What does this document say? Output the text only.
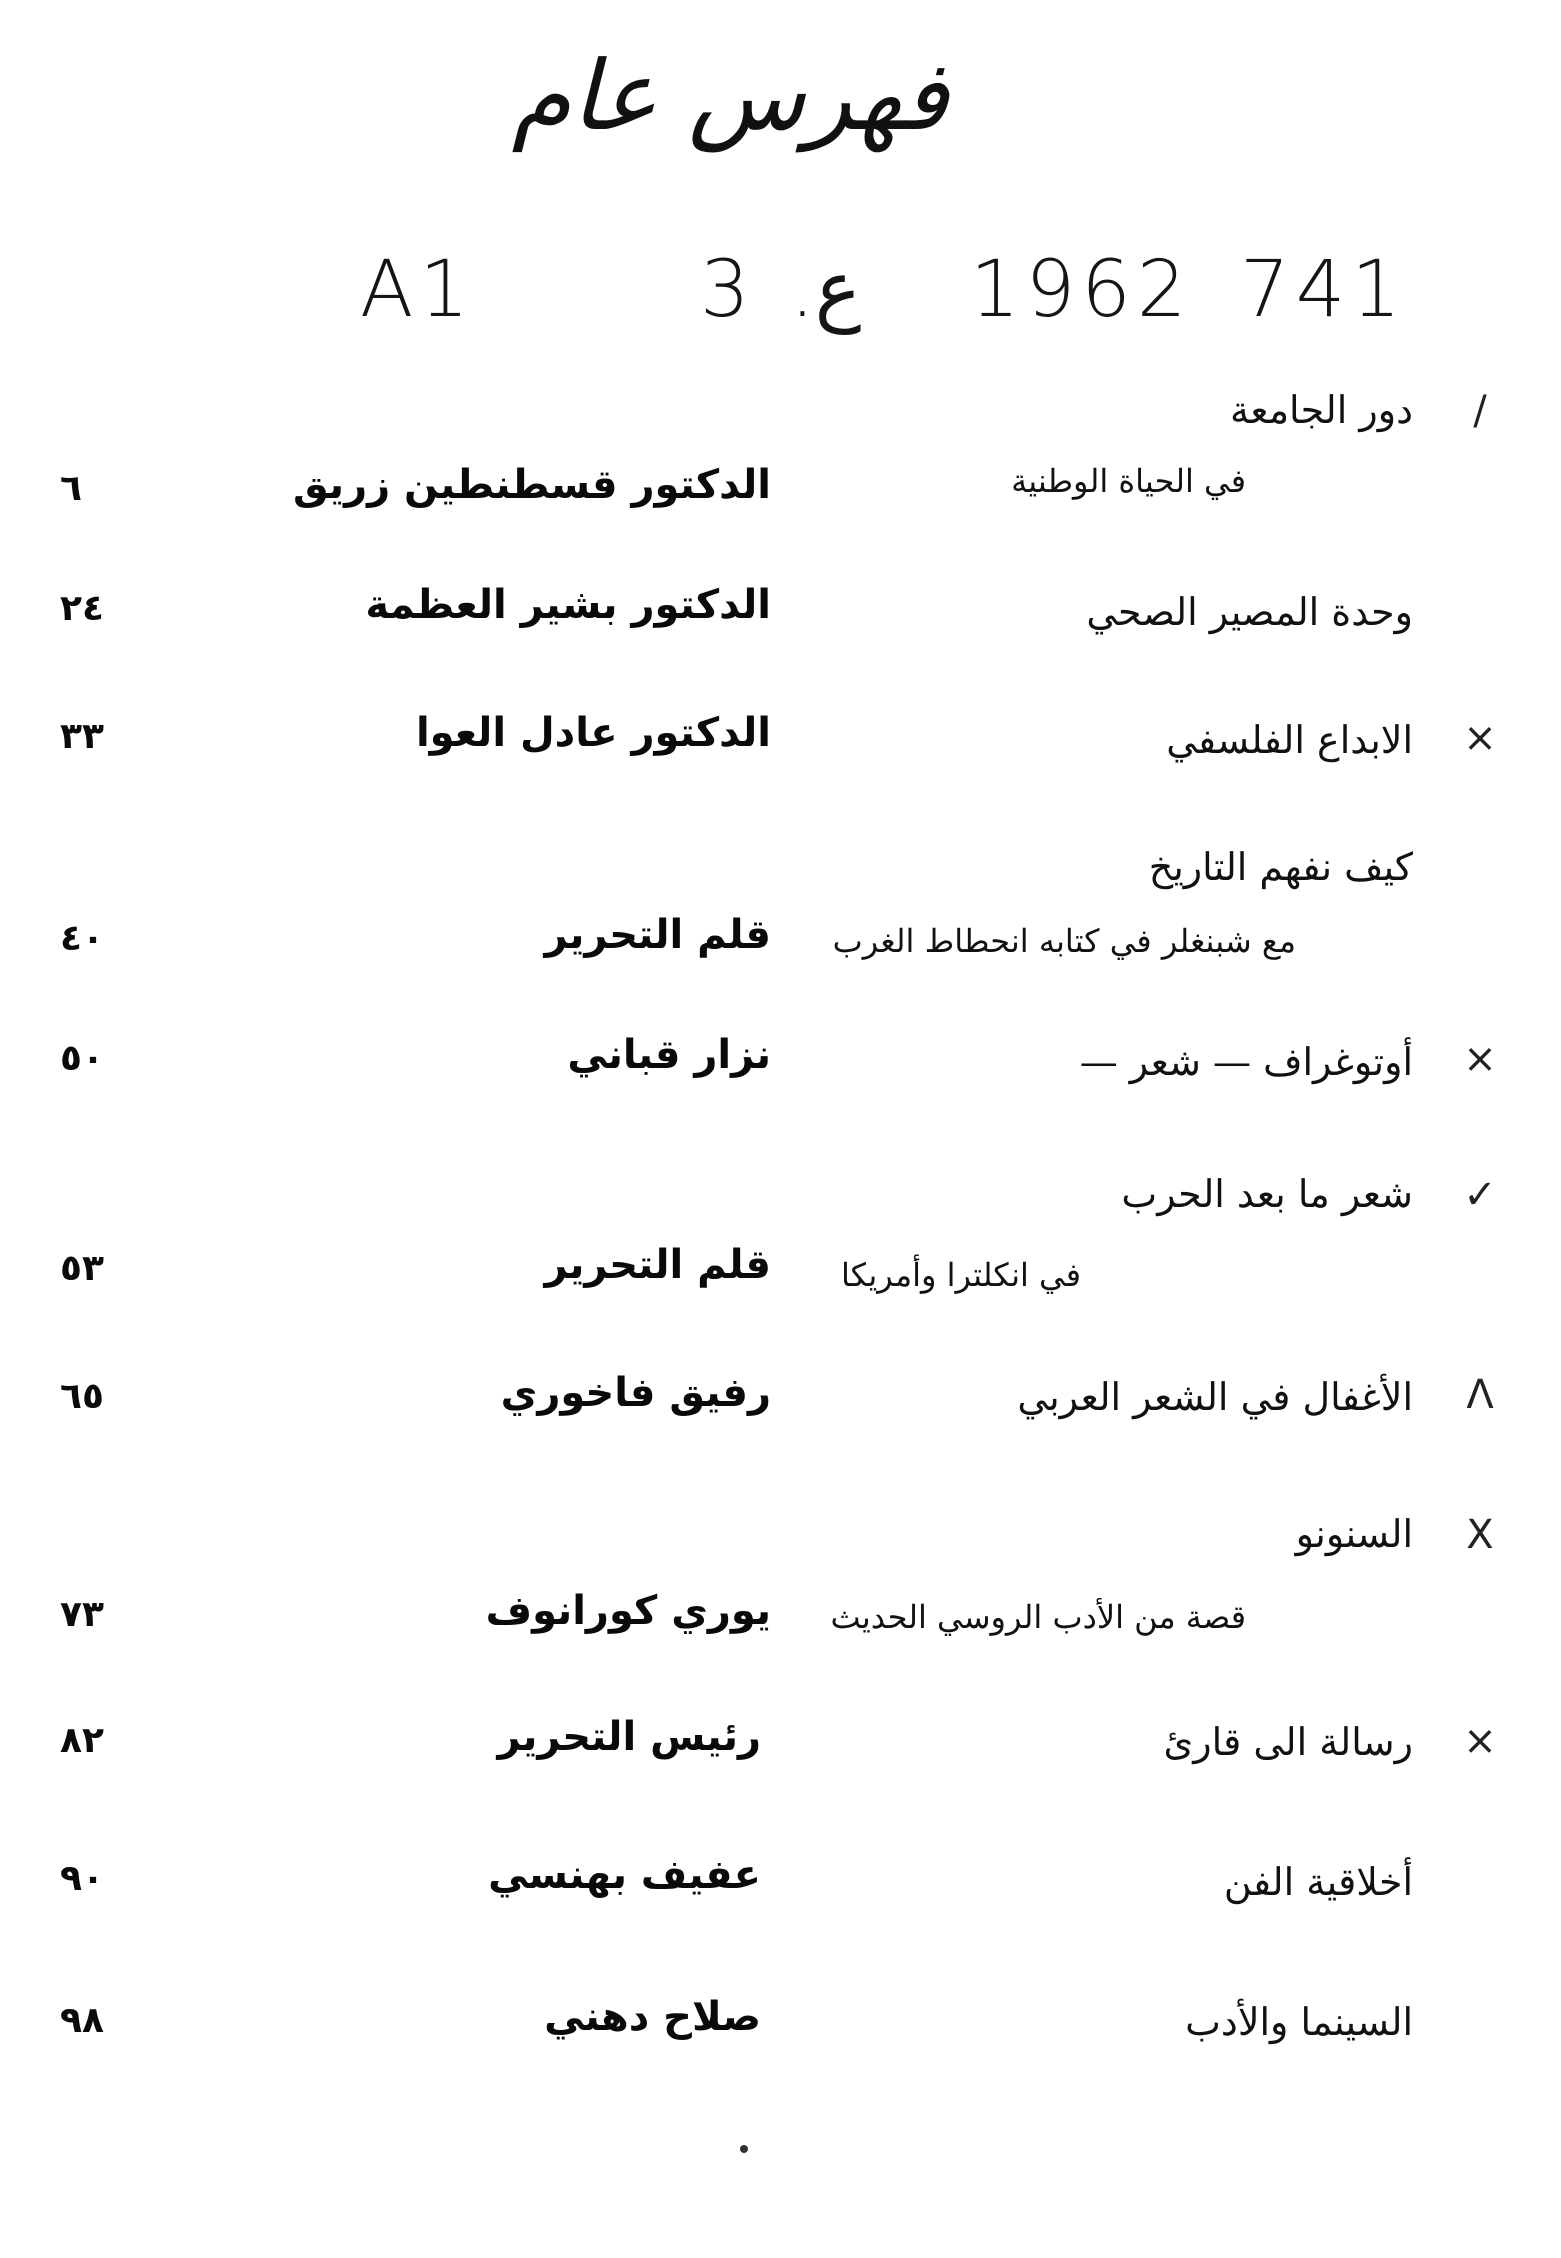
فهرس عام
A1	3 .ع 1962 741
/
دور الجامعة
في الحياة الوطنية
الدكتور قسطنطين زريق
٦
وحدة المصير الصحي
الدكتور بشير العظمة
٢٤
×
الابداع الفلسفي
الدكتور عادل العوا
٣٣
كيف نفهم التاريخ
مع شبنغلر في كتابه انحطاط الغرب
قلم التحرير
٤٠
×
أوتوغراف — شعر —
نزار قباني
٥٠
✓
شعر ما بعد الحرب
في انكلترا وأمريكا
قلم التحرير
٥٣
Λ
الأغفال في الشعر العربي
رفيق فاخوري
٦٥
X
السنونو
قصة من الأدب الروسي الحديث
يوري كورانوف
٧٣
×
رسالة الى قارئ
رئيس التحرير
٨٢
أخلاقية الفن
عفيف بهنسي
٩٠
السينما والأدب
صلاح دهني
٩٨
